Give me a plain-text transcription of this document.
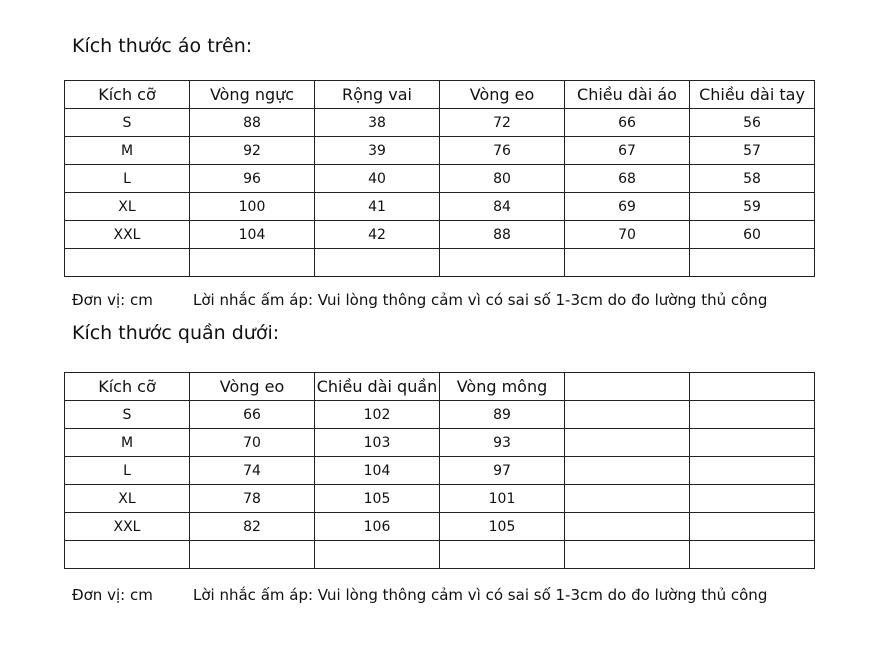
Kích thước áo trên:
Kích cỡ	Vòng ngực	Rộng vai	Vòng eo	Chiều dài áo	Chiều dài tay
S	88	38	72	66	56
M	92	39	76	67	57
L	96	40	80	68	58
XL	100	41	84	69	59
XXL	104	42	88	70	60

Đơn vị: cm	Lời nhắc ấm áp: Vui lòng thông cảm vì có sai số 1-3cm do đo lường thủ công
Kích thước quần dưới:
Kích cỡ	Vòng eo	Chiều dài quần	Vòng mông		
S	66	102	89		
M	70	103	93		
L	74	104	97		
XL	78	105	101		
XXL	82	106	105		

Đơn vị: cm	Lời nhắc ấm áp: Vui lòng thông cảm vì có sai số 1-3cm do đo lường thủ công
